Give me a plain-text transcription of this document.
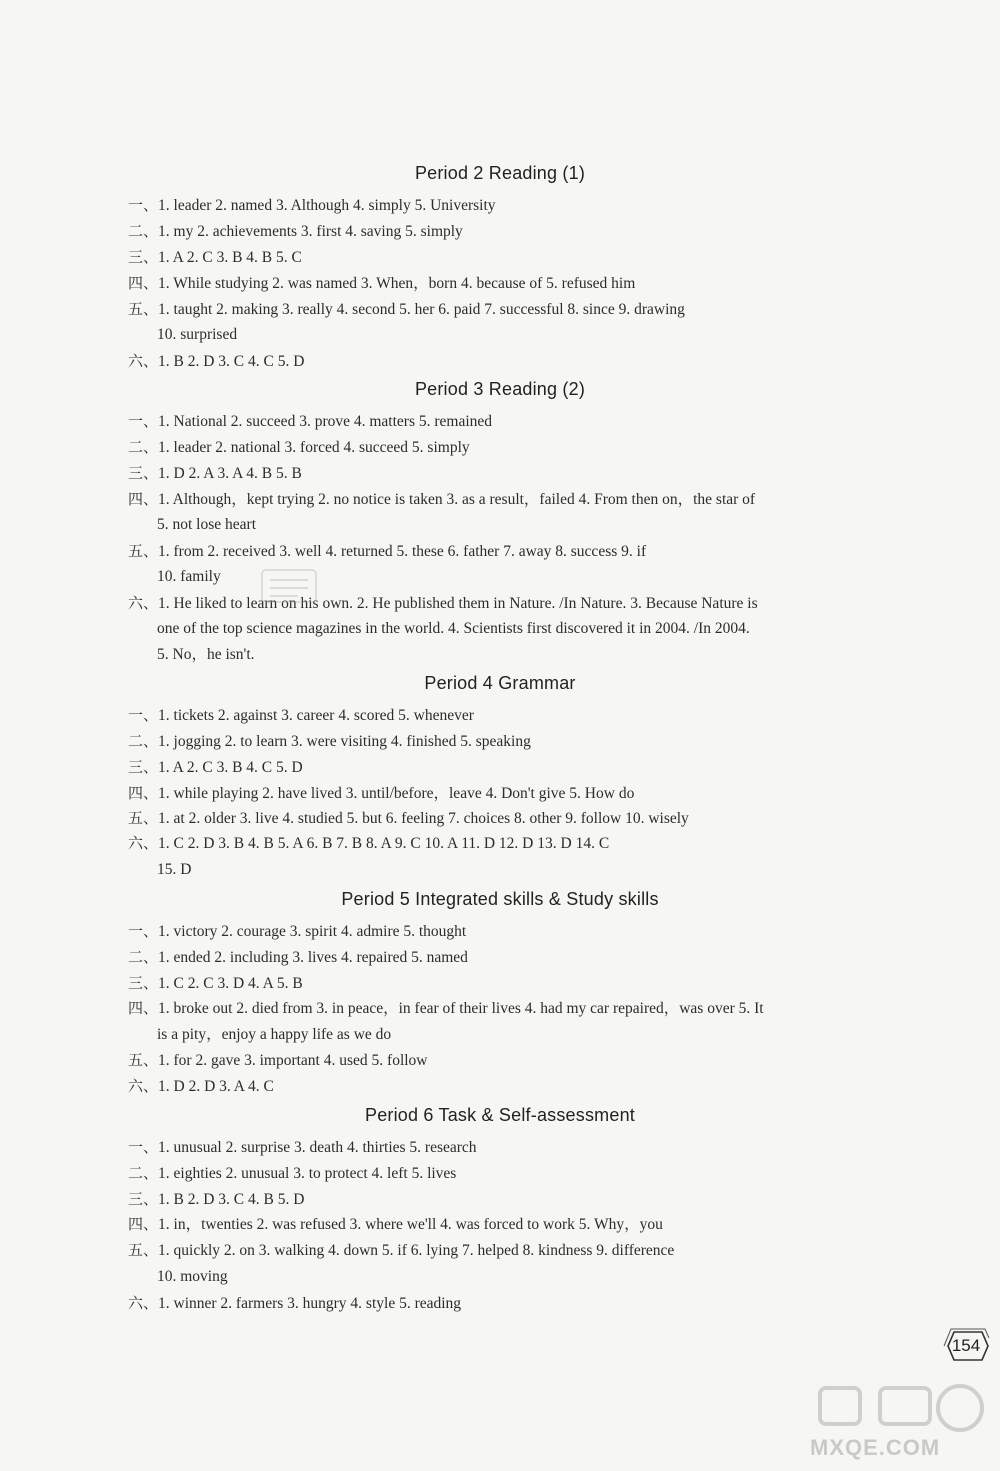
Period 2 Reading (1)
一、1. leader 2. named 3. Although 4. simply 5. University
二、1. my 2. achievements 3. first 4. saving 5. simply
三、1. A 2. C 3. B 4. B 5. C
四、1. While studying 2. was named 3. When，born 4. because of 5. refused him
五、1. taught 2. making 3. really 4. second 5. her 6. paid 7. successful 8. since 9. drawing
10. surprised
六、1. B 2. D 3. C 4. C 5. D
Period 3 Reading (2)
一、1. National 2. succeed 3. prove 4. matters 5. remained
二、1. leader 2. national 3. forced 4. succeed 5. simply
三、1. D 2. A 3. A 4. B 5. B
四、1. Although，kept trying 2. no notice is taken 3. as a result，failed 4. From then on，the star of
5. not lose heart
五、1. from 2. received 3. well 4. returned 5. these 6. father 7. away 8. success 9. if
10. family
六、1. He liked to learn on his own. 2. He published them in Nature. /In Nature. 3. Because Nature is
one of the top science magazines in the world. 4. Scientists first discovered it in 2004. /In 2004.
5. No，he isn't.
Period 4 Grammar
一、1. tickets 2. against 3. career 4. scored 5. whenever
二、1. jogging 2. to learn 3. were visiting 4. finished 5. speaking
三、1. A 2. C 3. B 4. C 5. D
四、1. while playing 2. have lived 3. until/before，leave 4. Don't give 5. How do
五、1. at 2. older 3. live 4. studied 5. but 6. feeling 7. choices 8. other 9. follow 10. wisely
六、1. C 2. D 3. B 4. B 5. A 6. B 7. B 8. A 9. C 10. A 11. D 12. D 13. D 14. C
15. D
Period 5 Integrated skills & Study skills
一、1. victory 2. courage 3. spirit 4. admire 5. thought
二、1. ended 2. including 3. lives 4. repaired 5. named
三、1. C 2. C 3. D 4. A 5. B
四、1. broke out 2. died from 3. in peace，in fear of their lives 4. had my car repaired，was over 5. It
is a pity，enjoy a happy life as we do
五、1. for 2. gave 3. important 4. used 5. follow
六、1. D 2. D 3. A 4. C
Period 6 Task & Self-assessment
一、1. unusual 2. surprise 3. death 4. thirties 5. research
二、1. eighties 2. unusual 3. to protect 4. left 5. lives
三、1. B 2. D 3. C 4. B 5. D
四、1. in，twenties 2. was refused 3. where we'll 4. was forced to work 5. Why，you
五、1. quickly 2. on 3. walking 4. down 5. if 6. lying 7. helped 8. kindness 9. difference
10. moving
六、1. winner 2. farmers 3. hungry 4. style 5. reading
154
MXQE.COM
